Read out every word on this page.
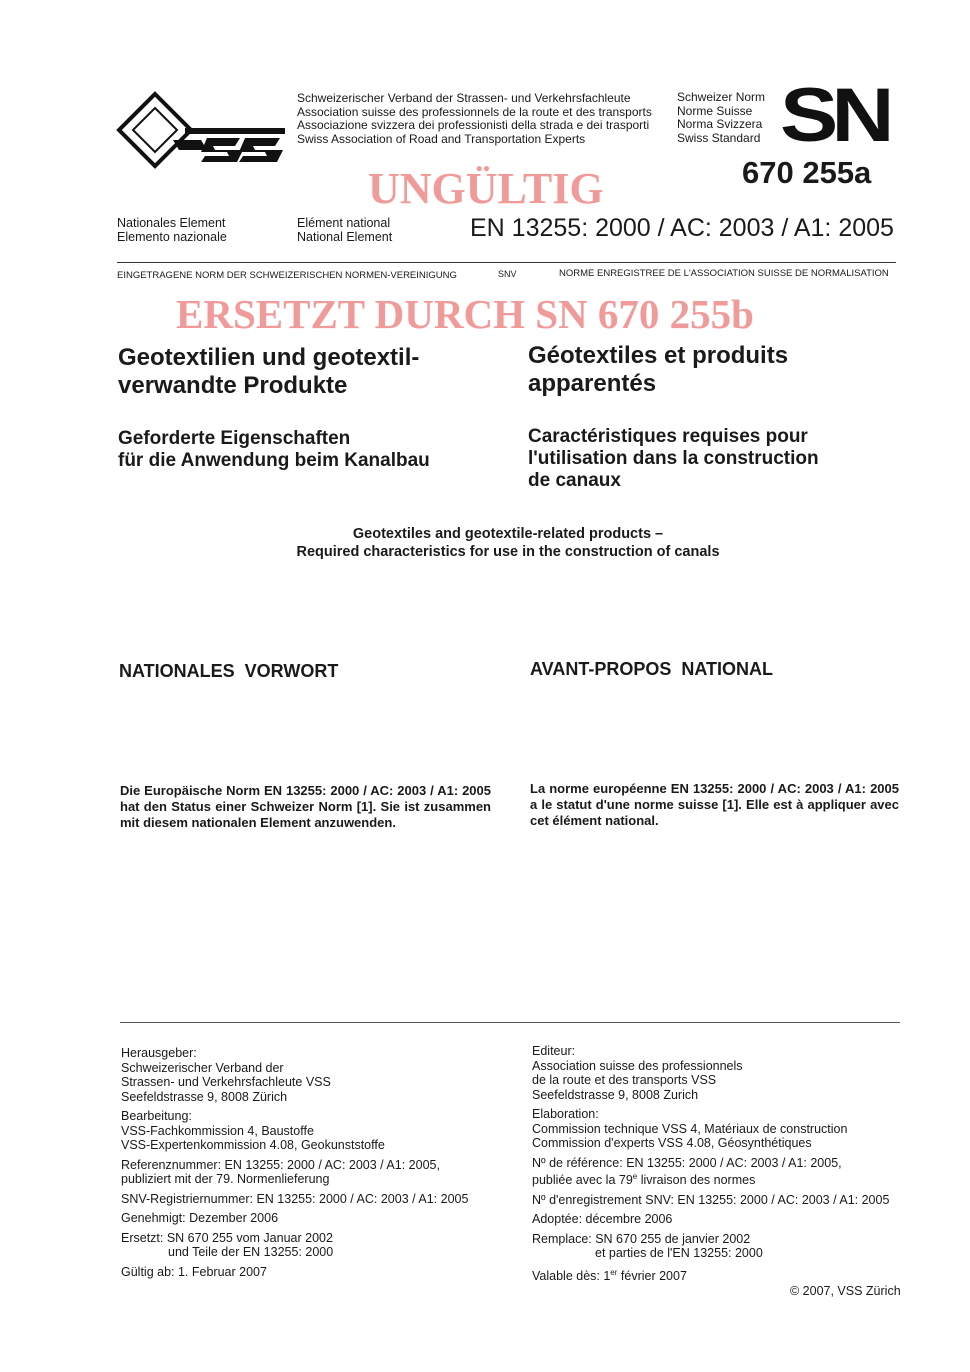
Schweizerischer Verband der Strassen- und Verkehrsfachleute
Association suisse des professionnels de la route et des transports
Associazione svizzera dei professionisti della strada e dei trasporti
Swiss Association of Road and Transportation Experts
Schweizer Norm
Norme Suisse
Norma Svizzera
Swiss Standard SN
670 255a
UNGÜLTIG
Nationales Element
Elemento nazionale
Elément national
National Element	EN 13255: 2000 / AC: 2003 / A1: 2005
EINGETRAGENE NORM DER SCHWEIZERISCHEN NORMEN-VEREINIGUNG	SNV	NORME ENREGISTREE DE L'ASSOCIATION SUISSE DE NORMALISATION
ERSETZT DURCH SN 670 255b
Geotextilien und geotextil-
verwandte Produkte
Géotextiles et produits
apparentés
Geforderte Eigenschaften
für die Anwendung beim Kanalbau
Caractéristiques requises pour
l'utilisation dans la construction
de canaux
Geotextiles and geotextile-related products –
Required characteristics for use in the construction of canals
NATIONALES  VORWORT	AVANT-PROPOS  NATIONAL
Die Europäische Norm EN 13255: 2000 / AC: 2003 / A1: 2005 hat den Status einer Schweizer Norm [1]. Sie ist zusammen mit diesem nationalen Element anzuwenden.
La norme européenne EN 13255: 2000 / AC: 2003 / A1: 2005 a le statut d'une norme suisse [1]. Elle est à appliquer avec cet élément national.
Herausgeber:
Schweizerischer Verband der
Strassen- und Verkehrsfachleute VSS
Seefeldstrasse 9, 8008 Zürich
Bearbeitung:
VSS-Fachkommission 4, Baustoffe
VSS-Expertenkommission 4.08, Geokunststoffe
Referenznummer: EN 13255: 2000 / AC: 2003 / A1: 2005,
publiziert mit der 79. Normenlieferung
SNV-Registriernummer: EN 13255: 2000 / AC: 2003 / A1: 2005
Genehmigt: Dezember 2006
Ersetzt: SN 670 255 vom Januar 2002
und Teile der EN 13255: 2000
Gültig ab: 1. Februar 2007
Editeur:
Association suisse des professionnels
de la route et des transports VSS
Seefeldstrasse 9, 8008 Zurich
Elaboration:
Commission technique VSS 4, Matériaux de construction
Commission d'experts VSS 4.08, Géosynthétiques
Nº de référence: EN 13255: 2000 / AC: 2003 / A1: 2005,
publiée avec la 79e livraison des normes
Nº d'enregistrement SNV: EN 13255: 2000 / AC: 2003 / A1: 2005
Adoptée: décembre 2006
Remplace: SN 670 255 de janvier 2002
et parties de l'EN 13255: 2000
Valable dès: 1er février 2007
© 2007, VSS Zürich
